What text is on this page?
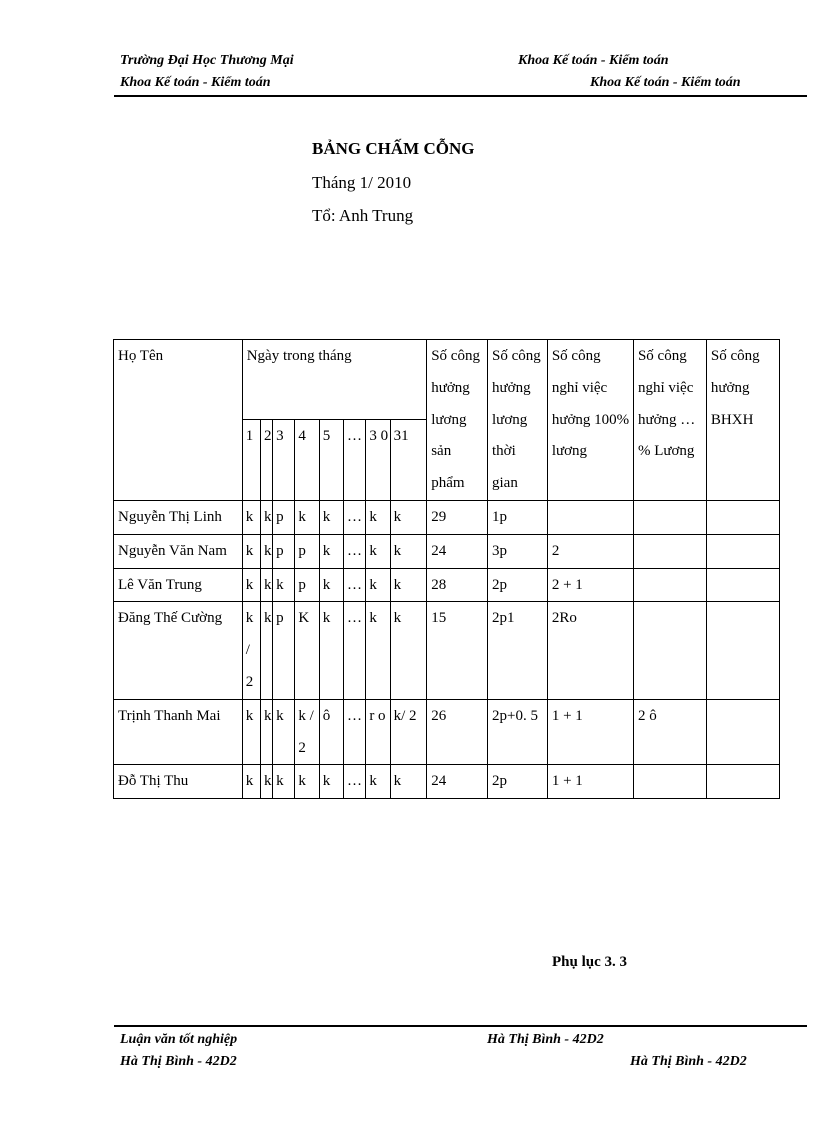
Trường Đại Học Thương Mại	Khoa Kế toán - Kiểm toán
Khoa Kế toán - Kiểm toán	Khoa Kế toán - Kiểm toán
BẢNG CHẤM CỖNG
Tháng 1/ 2010
Tổ: Anh Trung
Họ Tên	Ngày trong tháng								Số công hưởng lương sản phẩm	Số công hưởng lương thời gian	Số công nghỉ việc hưởng 100% lương	Số công nghỉ việc hưởng …% Lương	Số công hưởng BHXH
	1	2	3	4	5	…	3 0	31					
Nguyễn Thị Linh	k	k	p	k	k	…	k	k	29	1p			
Nguyễn Văn Nam	k	k	p	p	k	…	k	k	24	3p	2		
Lê Văn Trung	k	k	k	p	k	…	k	k	28	2p	2 + 1		
Đăng Thế Cường	k / 2	k	p	K	k	…	k	k	15	2p1	2Ro		
Trịnh Thanh Mai	k	k	k	k / 2	ô	…	r o	k/ 2	26	2p+0. 5	1 + 1	2 ô	
Đỗ Thị Thu	k	k	k	k	k	…	k	k	24	2p	1 + 1		
Phụ lục 3. 3
Luận văn tốt nghiệp	Hà Thị Bình - 42D2
Hà Thị Bình - 42D2	Hà Thị Bình - 42D2
